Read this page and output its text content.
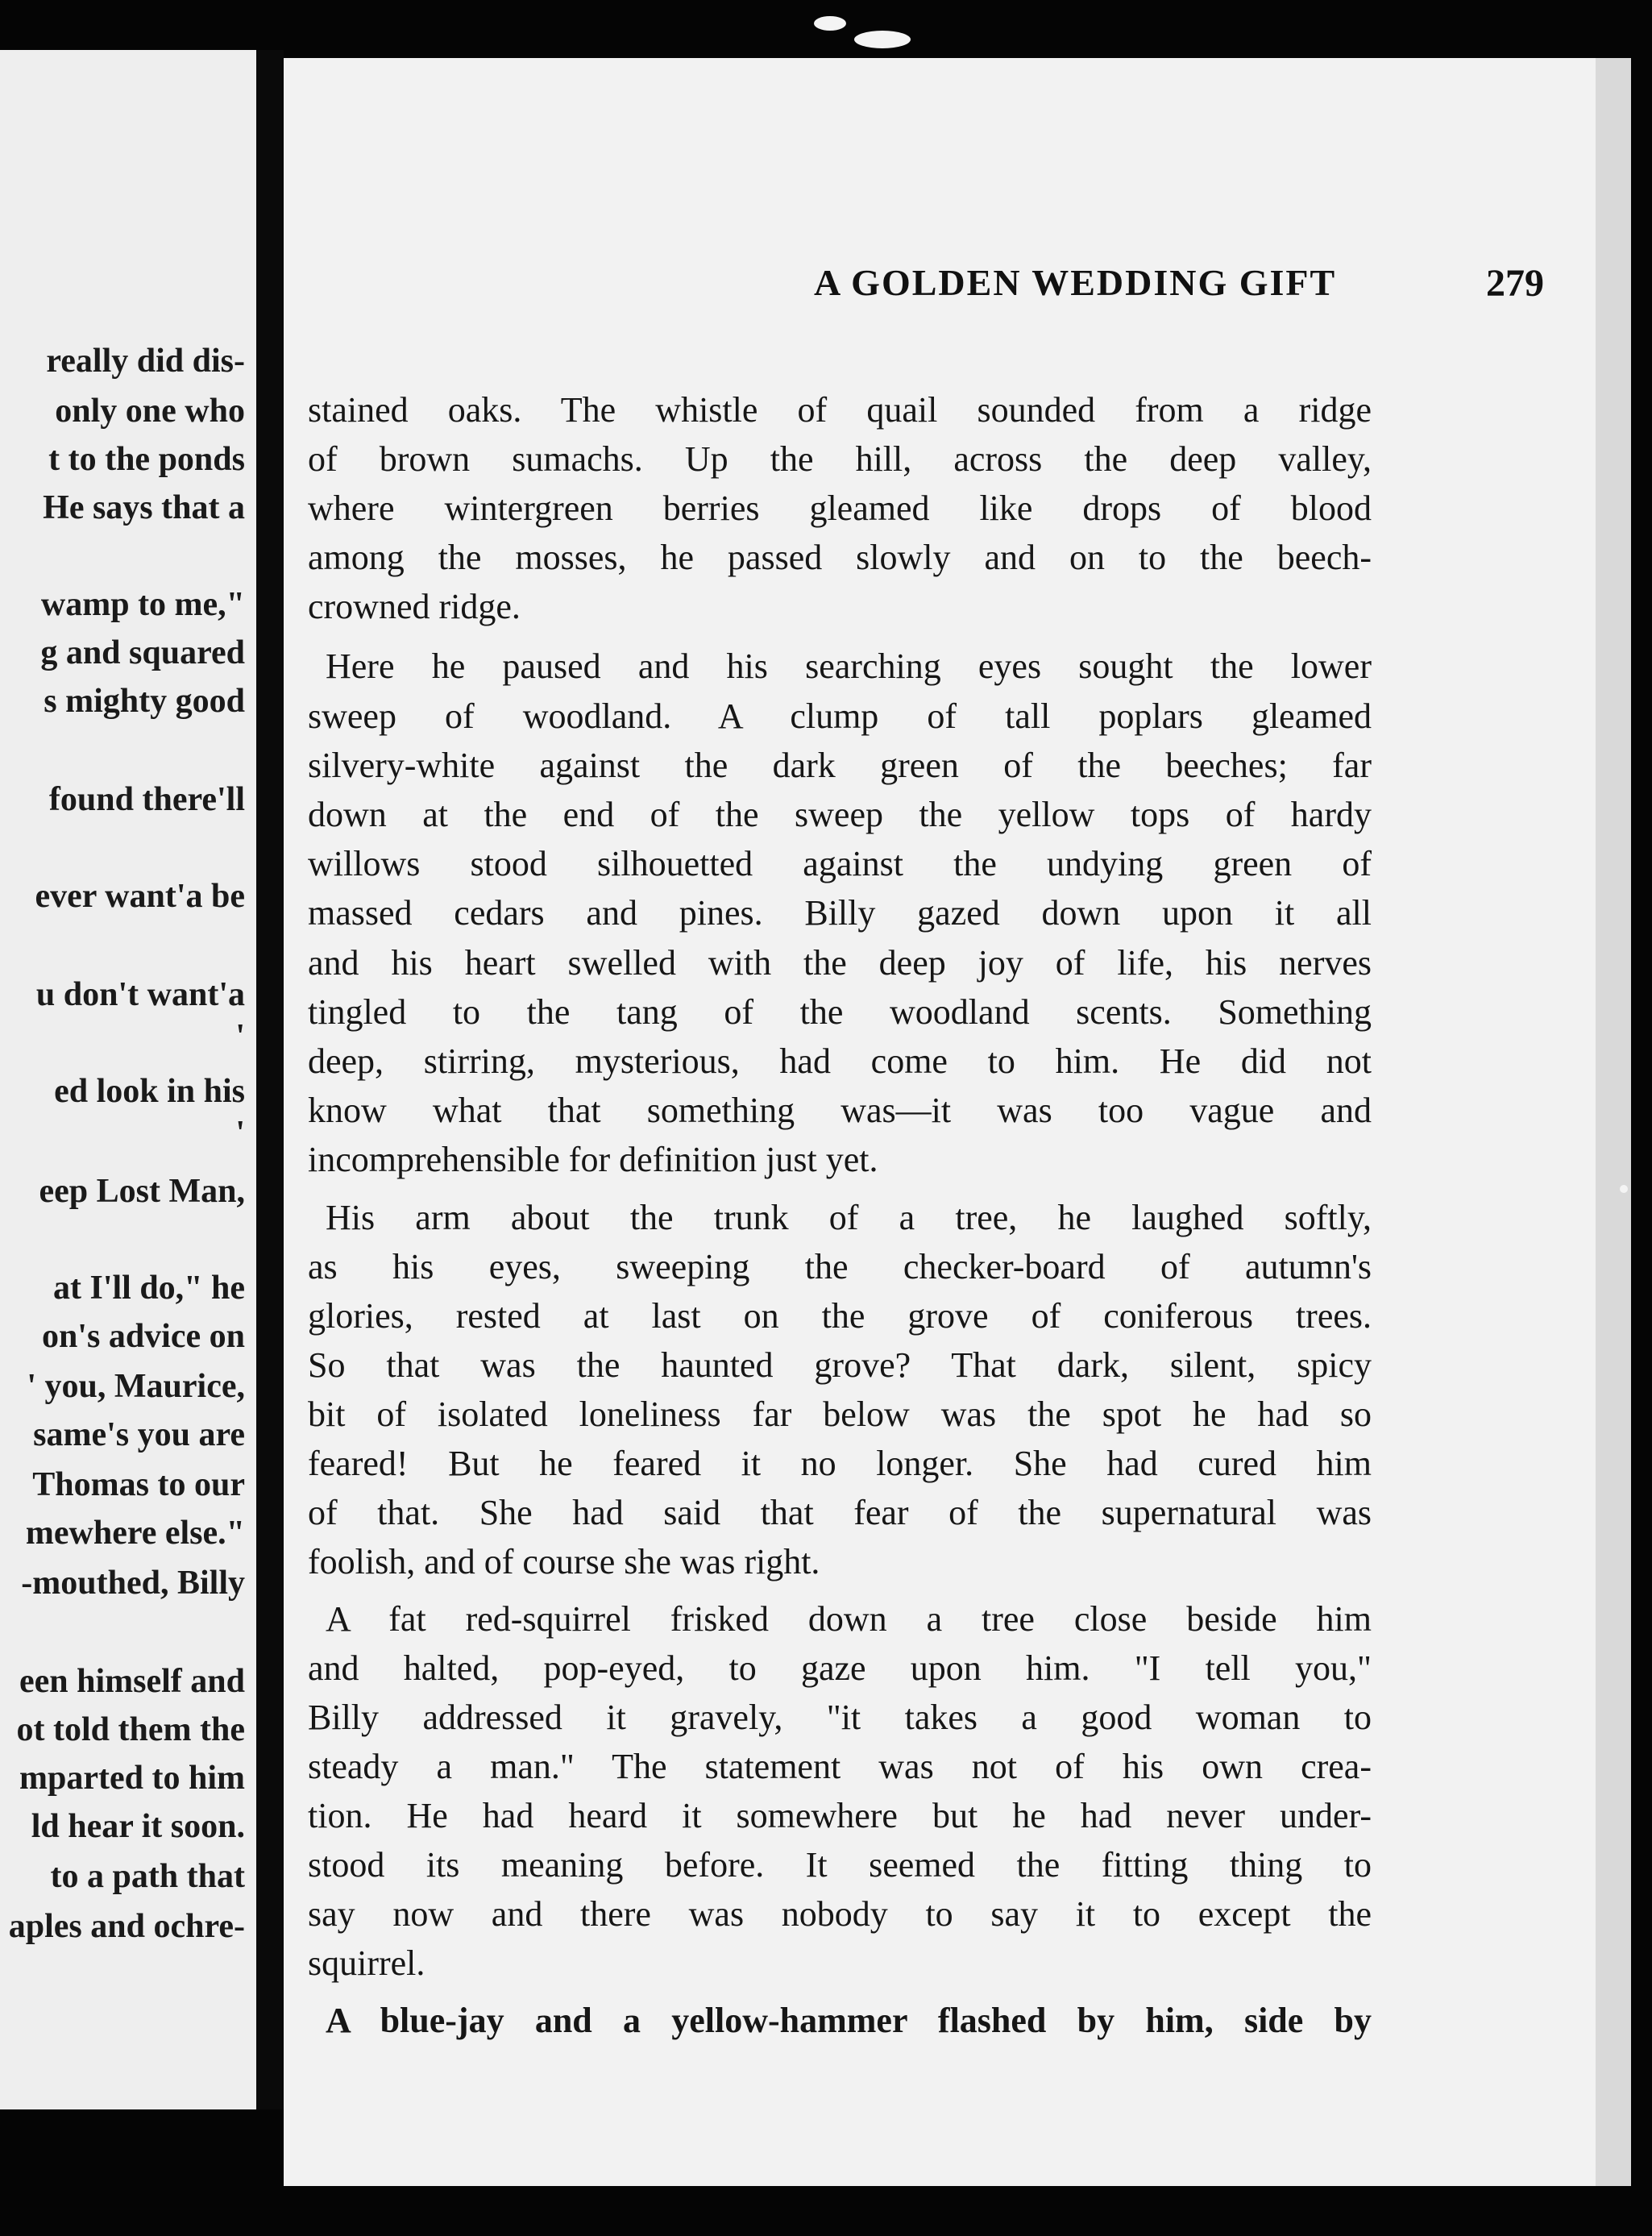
really did dis-
only one who
t to the ponds
He says that a
wamp to me,"
g and squared
s mighty good
found there'll
ever want'a be
u don't want'a
'
ed look in his
'
eep Lost Man,
at I'll do," he
on's advice on
' you, Maurice,
same's you are
Thomas to our
mewhere else."
-mouthed, Billy
een himself and
ot told them the
mparted to him
ld hear it soon.
to a path that
aples and ochre-
A GOLDEN WEDDING GIFT	279
stained oaks. The whistle of quail sounded from a ridge
of brown sumachs. Up the hill, across the deep valley,
where wintergreen berries gleamed like drops of blood
among the mosses, he passed slowly and on to the beech-
crowned ridge.
Here he paused and his searching eyes sought the lower
sweep of woodland. A clump of tall poplars gleamed
silvery-white against the dark green of the beeches; far
down at the end of the sweep the yellow tops of hardy
willows stood silhouetted against the undying green of
massed cedars and pines. Billy gazed down upon it all
and his heart swelled with the deep joy of life, his nerves
tingled to the tang of the woodland scents. Something
deep, stirring, mysterious, had come to him. He did not
know what that something was—it was too vague and
incomprehensible for definition just yet.
His arm about the trunk of a tree, he laughed softly,
as his eyes, sweeping the checker-board of autumn's
glories, rested at last on the grove of coniferous trees.
So that was the haunted grove? That dark, silent, spicy
bit of isolated loneliness far below was the spot he had so
feared! But he feared it no longer. She had cured him
of that. She had said that fear of the supernatural was
foolish, and of course she was right.
A fat red-squirrel frisked down a tree close beside him
and halted, pop-eyed, to gaze upon him. "I tell you,"
Billy addressed it gravely, "it takes a good woman to
steady a man." The statement was not of his own crea-
tion. He had heard it somewhere but he had never under-
stood its meaning before. It seemed the fitting thing to
say now and there was nobody to say it to except the
squirrel.
A blue-jay and a yellow-hammer flashed by him, side by
